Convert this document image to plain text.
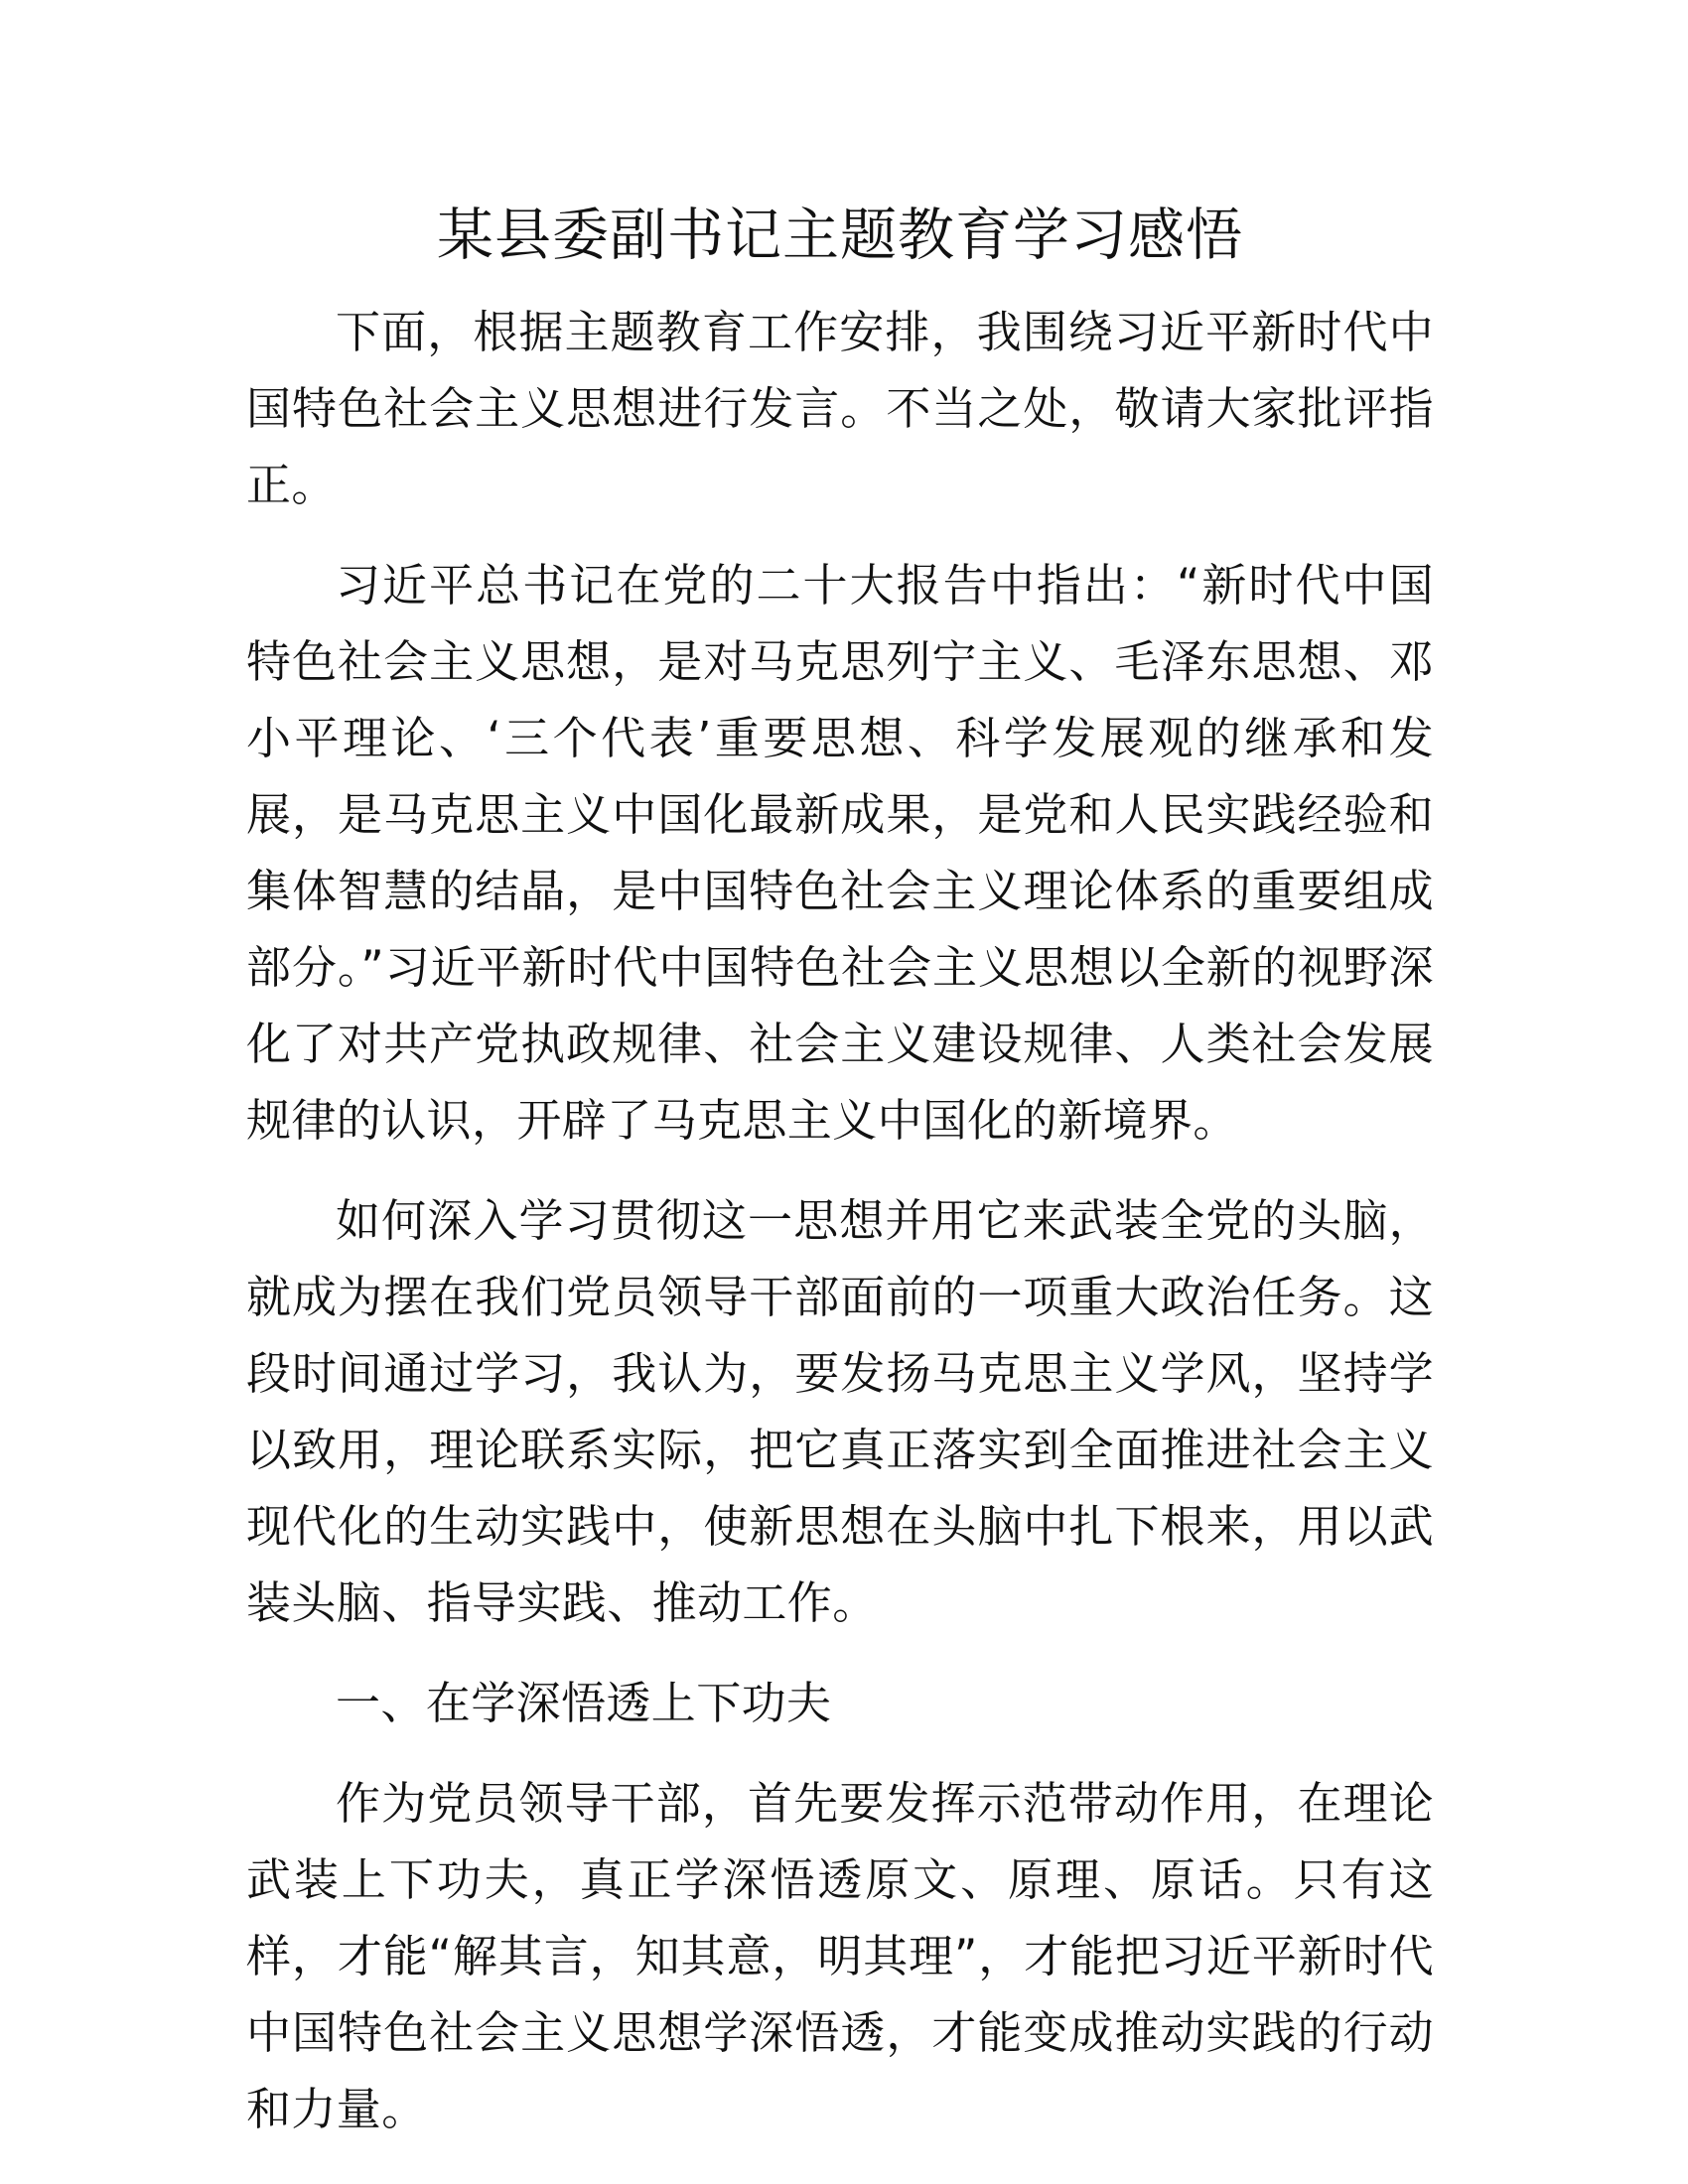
某县委副书记主题教育学习感悟

下面，根据主题教育工作安排，我围绕习近平新时代中国特色社会主义思想进行发言。不当之处，敬请大家批评指正。

习近平总书记在党的二十大报告中指出：“新时代中国特色社会主义思想，是对马克思列宁主义、毛泽东思想、邓小平理论、‘三个代表’重要思想、科学发展观的继承和发展，是马克思主义中国化最新成果，是党和人民实践经验和集体智慧的结晶，是中国特色社会主义理论体系的重要组成部分。”习近平新时代中国特色社会主义思想以全新的视野深化了对共产党执政规律、社会主义建设规律、人类社会发展规律的认识，开辟了马克思主义中国化的新境界。

如何深入学习贯彻这一思想并用它来武装全党的头脑，就成为摆在我们党员领导干部面前的一项重大政治任务。这段时间通过学习，我认为，要发扬马克思主义学风，坚持学以致用，理论联系实际，把它真正落实到全面推进社会主义现代化的生动实践中，使新思想在头脑中扎下根来，用以武装头脑、指导实践、推动工作。

一、在学深悟透上下功夫

作为党员领导干部，首先要发挥示范带动作用，在理论武装上下功夫，真正学深悟透原文、原理、原话。只有这样，才能“解其言，知其意，明其理”，才能把习近平新时代中国特色社会主义思想学深悟透，才能变成推动实践的行动和力量。
